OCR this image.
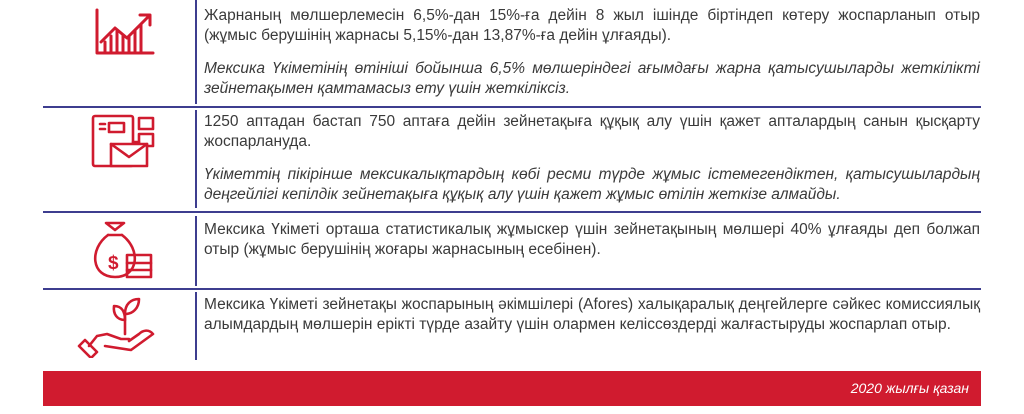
Жарнаның мөлшерлемесін 6,5%-дан 15%-ға дейін 8 жыл ішінде біртіндеп көтеру жоспарланып отыр (жұмыс берушінің жарнасы 5,15%-дан 13,87%-ға дейін ұлғаяды).

Мексика Үкіметінің өтініші бойынша 6,5% мөлшеріндегі ағымдағы жарна қатысушыларды жеткілікті зейнетақымен қамтамасыз ету үшін жеткіліксіз.

1250 аптадан бастап 750 аптаға дейін зейнетақыға құқық алу үшін қажет апталардың санын қысқарту жоспарлануда.

Үкіметтің пікірінше мексикалықтардың көбі ресми түрде жұмыс істемегендіктен, қатысушылардың деңгейлігі кепілдік зейнетақыға құқық алу үшін қажет жұмыс өтілін жеткізе алмайды.

$

Мексика Үкіметі орташа статистикалық жұмыскер үшін зейнетақының мөлшері 40% ұлғаяды деп болжап отыр (жұмыс берушінің жоғары жарнасының есебінен).

Мексика Үкіметі зейнетақы жоспарының әкімшілері (Afores) халықаралық деңгейлерге сәйкес комиссиялық алымдардың мөлшерін ерікті түрде азайту үшін олармен келіссөздерді жалғастыруды жоспарлап отыр.

2020 жылғы қазан
